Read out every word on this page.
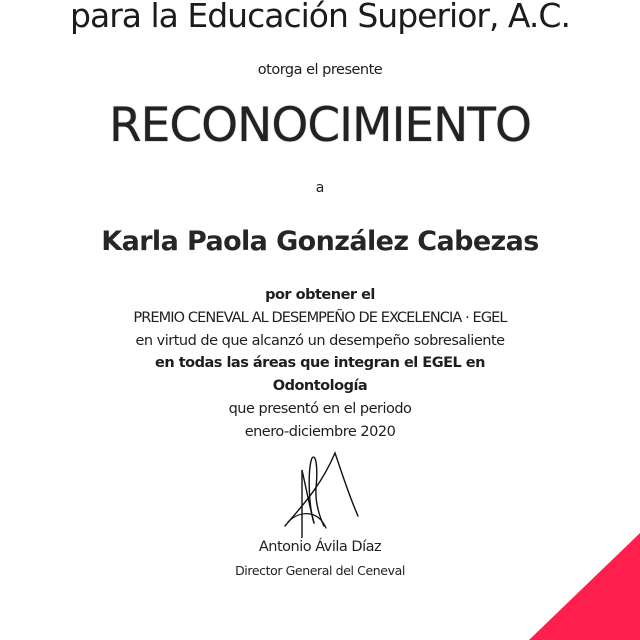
para la Educación Superior, A.C.
otorga el presente
RECONOCIMIENTO
a
Karla Paola González Cabezas
por obtener el
PREMIO CENEVAL AL DESEMPEÑO DE EXCELENCIA · EGEL
en virtud de que alcanzó un desempeño sobresaliente
en todas las áreas que integran el EGEL en
Odontología
que presentó en el periodo
enero-diciembre 2020
Antonio Ávila Díaz
Director General del Ceneval
